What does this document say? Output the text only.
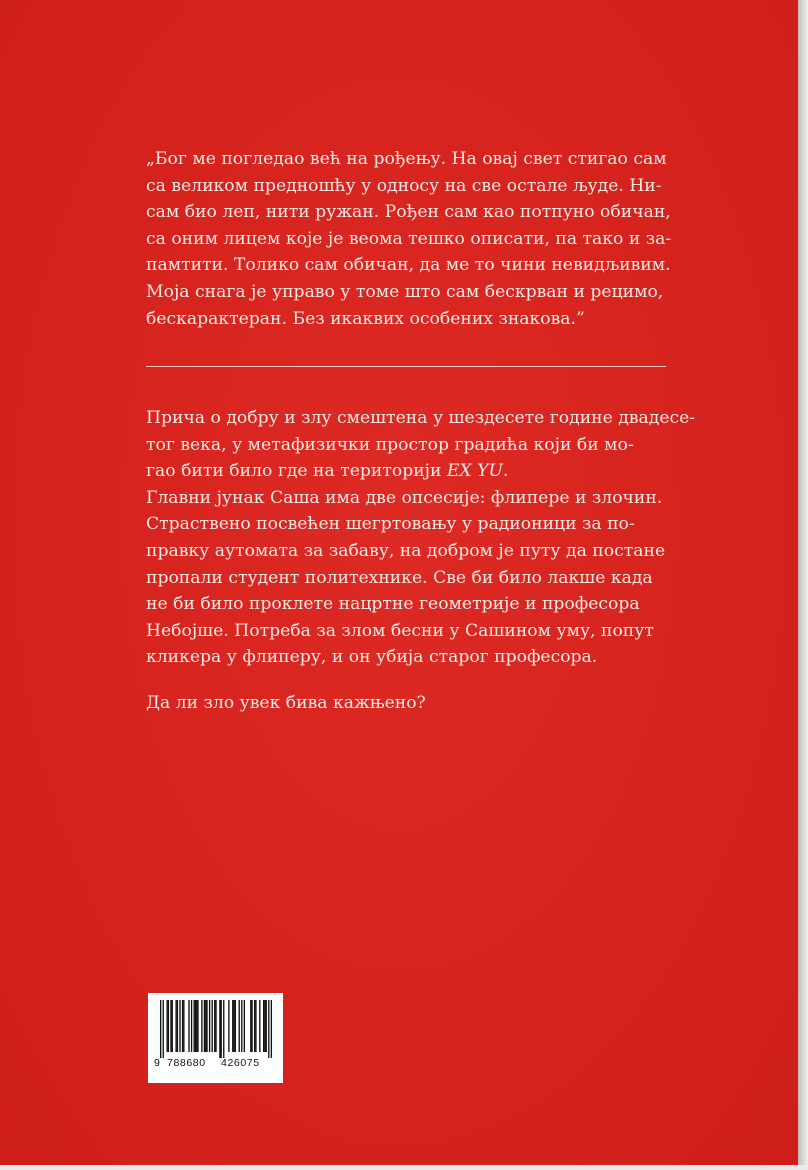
„Бог ме погледао већ на рођењу. На овај свет стигао сам
са великом предношћу у односу на све остале људе. Ни-
сам био леп, нити ружан. Рођен сам као потпуно обичан,
са оним лицем које је веома тешко описати, па тако и за-
памтити. Толико сам обичан, да ме то чини невидљивим.
Моја снага је управо у томе што сам бескрван и рецимо,
бескарактеран. Без икаквих особених знакова.”
Прича о добру и злу смештена у шездесете године двадесе-
тог века, у метафизички простор градића који би мо-
гао бити било где на територији EX YU.
Главни јунак Саша има две опсесије: флипере и злочин.
Страствено посвећен шегртовању у радионици за по-
правку аутомата за забаву, на добром је путу да постане
пропали студент политехнике. Све би било лакше када
не би било проклете нацртне геометрије и професора
Небојше. Потреба за злом бесни у Сашином уму, попут
кликера у флиперу, и он убија старог професора.
Да ли зло увек бива кажњено?
9 788680 426075
